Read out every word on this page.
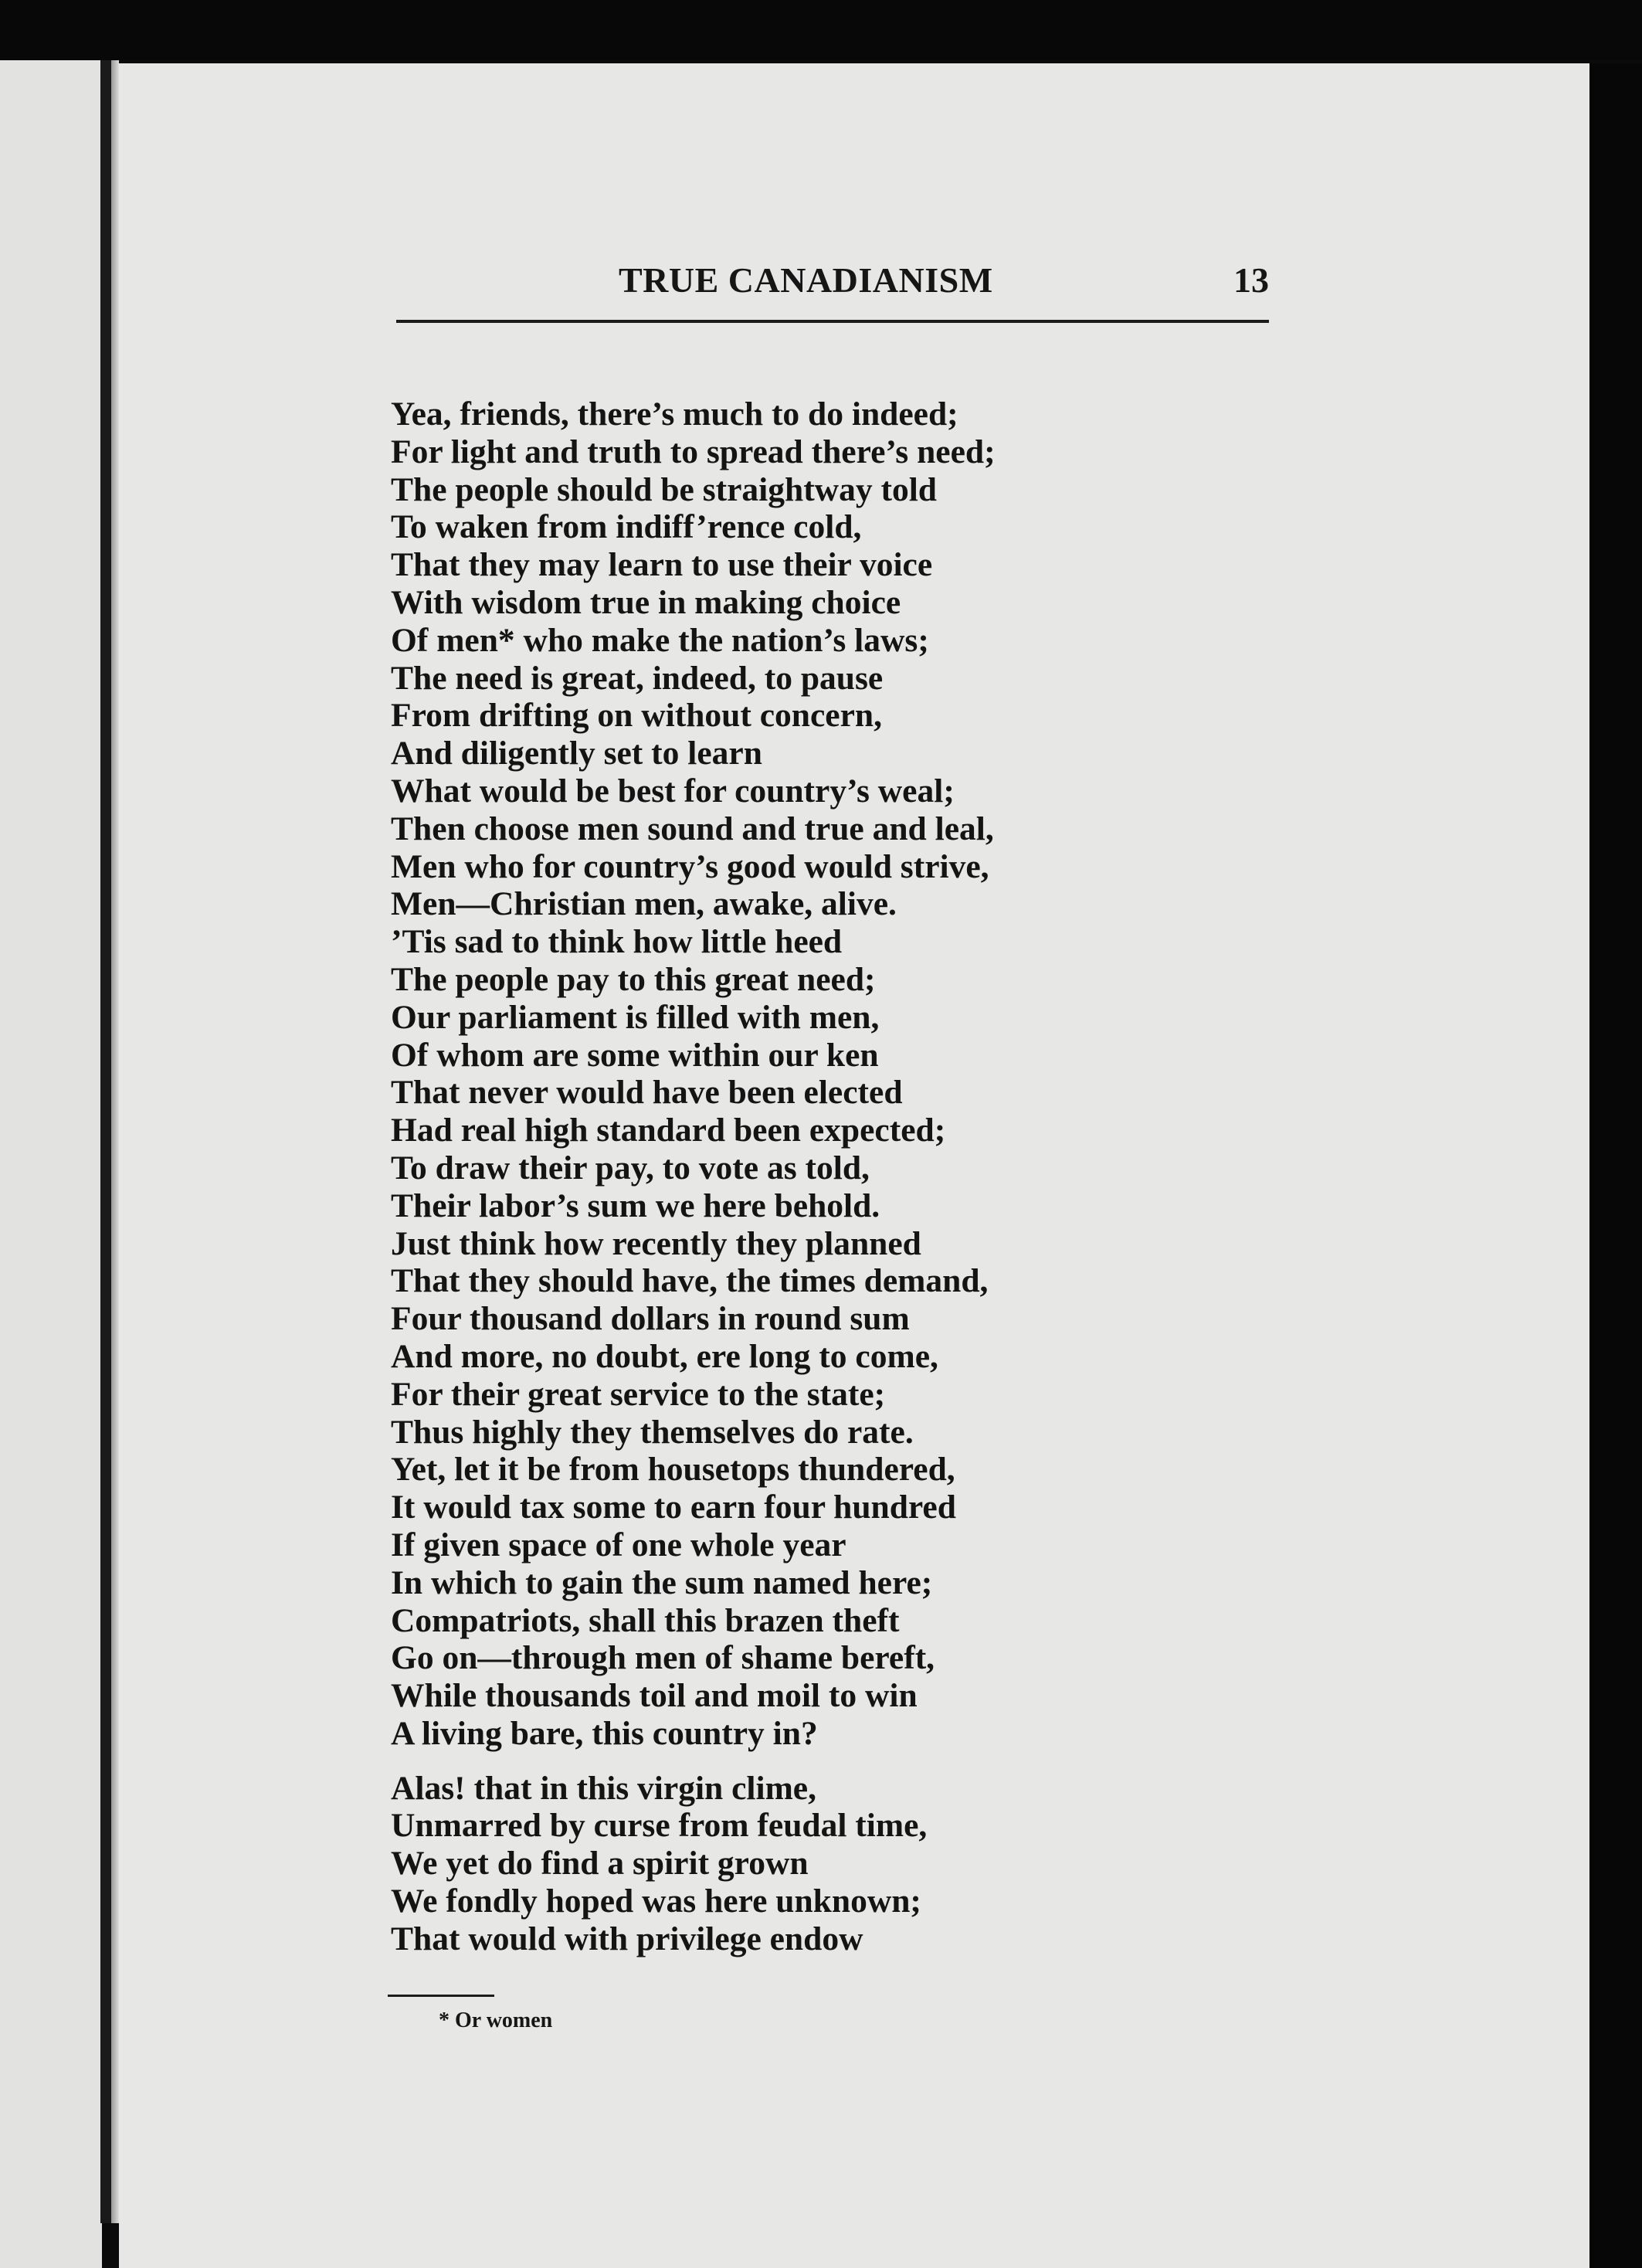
TRUE CANADIANISM	13
Yea, friends, there’s much to do indeed;
For light and truth to spread there’s need;
The people should be straightway told
To waken from indiff’rence cold,
That they may learn to use their voice
With wisdom true in making choice
Of men* who make the nation’s laws;
The need is great, indeed, to pause
From drifting on without concern,
And diligently set to learn
What would be best for country’s weal;
Then choose men sound and true and leal,
Men who for country’s good would strive,
Men—Christian men, awake, alive.
’Tis sad to think how little heed
The people pay to this great need;
Our parliament is filled with men,
Of whom are some within our ken
That never would have been elected
Had real high standard been expected;
To draw their pay, to vote as told,
Their labor’s sum we here behold.
Just think how recently they planned
That they should have, the times demand,
Four thousand dollars in round sum
And more, no doubt, ere long to come,
For their great service to the state;
Thus highly they themselves do rate.
Yet, let it be from housetops thundered,
It would tax some to earn four hundred
If given space of one whole year
In which to gain the sum named here;
Compatriots, shall this brazen theft
Go on—through men of shame bereft,
While thousands toil and moil to win
A living bare, this country in?
Alas! that in this virgin clime,
Unmarred by curse from feudal time,
We yet do find a spirit grown
We fondly hoped was here unknown;
That would with privilege endow
* Or women
